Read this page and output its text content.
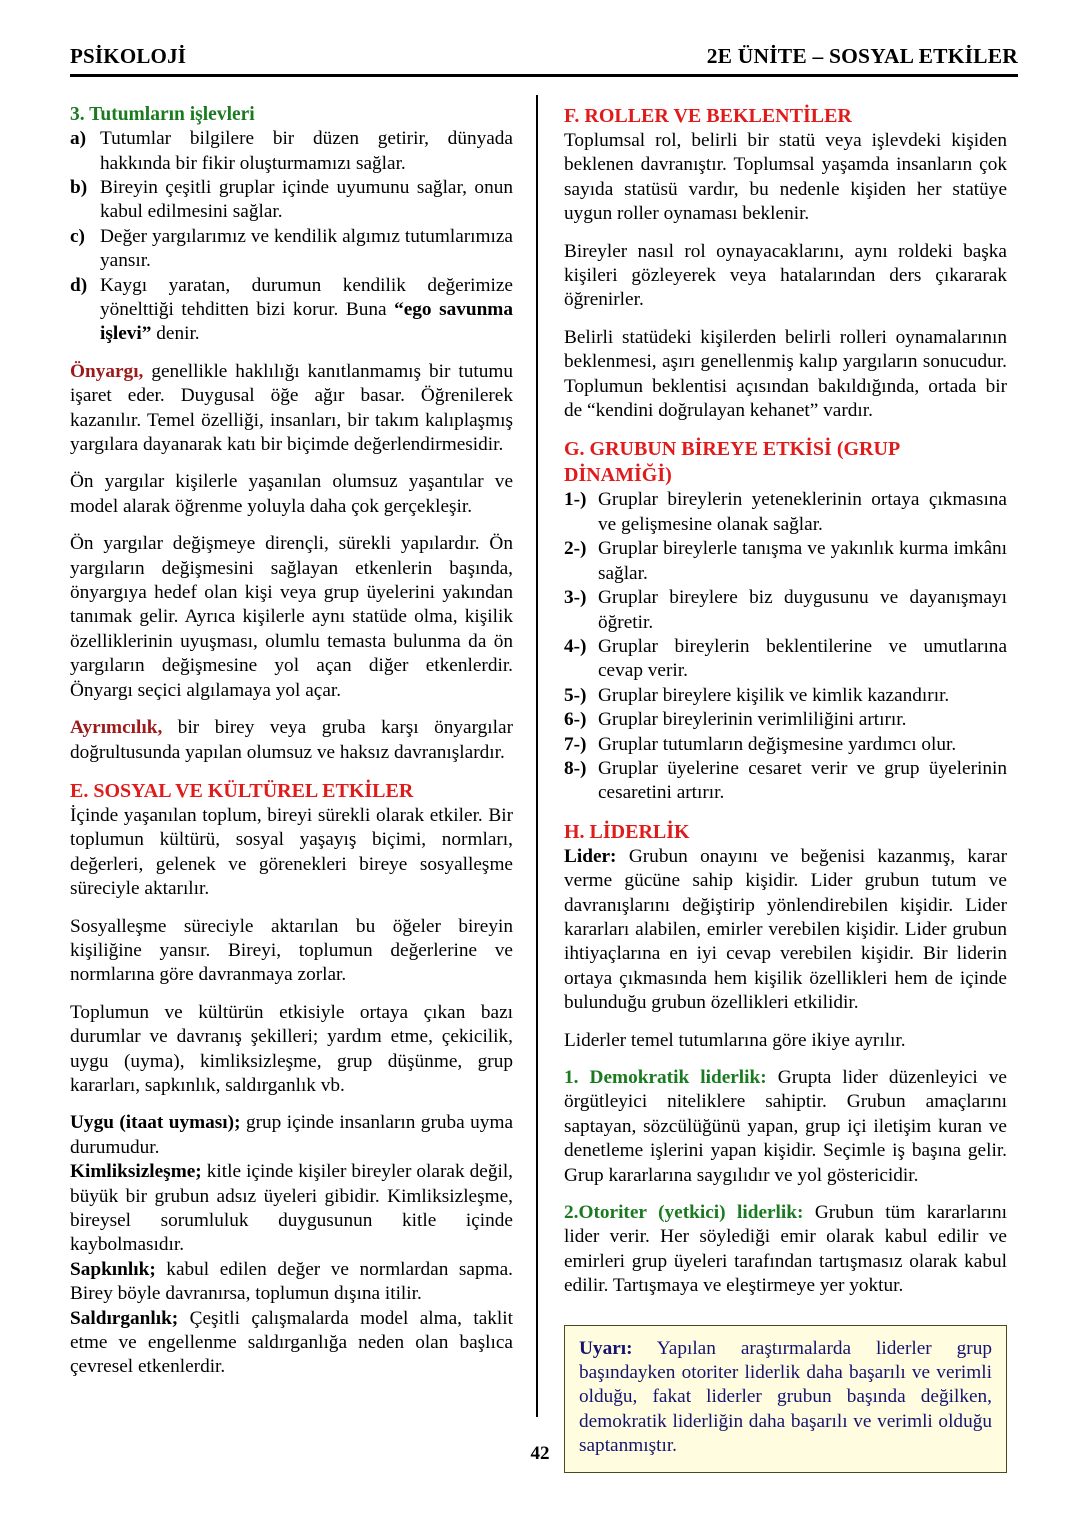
PSİKOLOJİ	2E ÜNİTE – SOSYAL ETKİLER
3. Tutumların işlevleri
a) Tutumlar bilgilere bir düzen getirir, dünyada hakkında bir fikir oluşturmamızı sağlar.
b) Bireyin çeşitli gruplar içinde uyumunu sağlar, onun kabul edilmesini sağlar.
c) Değer yargılarımız ve kendilik algımız tutumlarımıza yansır.
d) Kaygı yaratan, durumun kendilik değerimize yönelttiği tehditten bizi korur. Buna “ego savunma işlevi” denir.

Önyargı, genellikle haklılığı kanıtlanmamış bir tutumu işaret eder. Duygusal öğe ağır basar. Öğrenilerek kazanılır. Temel özelliği, insanları, bir takım kalıplaşmış yargılara dayanarak katı bir biçimde değerlendirmesidir.

Ön yargılar kişilerle yaşanılan olumsuz yaşantılar ve model alarak öğrenme yoluyla daha çok gerçekleşir.

Ön yargılar değişmeye dirençli, sürekli yapılardır. Ön yargıların değişmesini sağlayan etkenlerin başında, önyargıya hedef olan kişi veya grup üyelerini yakından tanımak gelir. Ayrıca kişilerle aynı statüde olma, kişilik özelliklerinin uyuşması, olumlu temasta bulunma da ön yargıların değişmesine yol açan diğer etkenlerdir. Önyargı seçici algılamaya yol açar.

Ayrımcılık, bir birey veya gruba karşı önyargılar doğrultusunda yapılan olumsuz ve haksız davranışlardır.

E. SOSYAL VE KÜLTÜREL ETKİLER

İçinde yaşanılan toplum, bireyi sürekli olarak etkiler. Bir toplumun kültürü, sosyal yaşayış biçimi, normları, değerleri, gelenek ve görenekleri bireye sosyalleşme süreciyle aktarılır.

Sosyalleşme süreciyle aktarılan bu öğeler bireyin kişiliğine yansır. Bireyi, toplumun değerlerine ve normlarına göre davranmaya zorlar.

Toplumun ve kültürün etkisiyle ortaya çıkan bazı durumlar ve davranış şekilleri; yardım etme, çekicilik, uygu (uyma), kimliksizleşme, grup düşünme, grup kararları, sapkınlık, saldırganlık vb.

Uygu (itaat uyması); grup içinde insanların gruba uyma durumudur.

Kimliksizleşme; kitle içinde kişiler bireyler olarak değil, büyük bir grubun adsız üyeleri gibidir. Kimliksizleşme, bireysel sorumluluk duygusunun kitle içinde kaybolmasıdır.

Sapkınlık; kabul edilen değer ve normlardan sapma. Birey böyle davranırsa, toplumun dışına itilir.

Saldırganlık; Çeşitli çalışmalarda model alma, taklit etme ve engellenme saldırganlığa neden olan başlıca çevresel etkenlerdir.

F. ROLLER VE BEKLENTİLER

Toplumsal rol, belirli bir statü veya işlevdeki kişiden beklenen davranıştır. Toplumsal yaşamda insanların çok sayıda statüsü vardır, bu nedenle kişiden her statüye uygun roller oynaması beklenir.

Bireyler nasıl rol oynayacaklarını, aynı roldeki başka kişileri gözleyerek veya hatalarından ders çıkararak öğrenirler.

Belirli statüdeki kişilerden belirli rolleri oynamalarının beklenmesi, aşırı genellenmiş kalıp yargıların sonucudur. Toplumun beklentisi açısından bakıldığında, ortada bir de “kendini doğrulayan kehanet” vardır.

G. GRUBUN BİREYE ETKİSİ (GRUP DİNAMİĞİ)
1-) Gruplar bireylerin yeteneklerinin ortaya çıkmasına ve gelişmesine olanak sağlar.
2-) Gruplar bireylerle tanışma ve yakınlık kurma imkânı sağlar.
3-) Gruplar bireylere biz duygusunu ve dayanışmayı öğretir.
4-) Gruplar bireylerin beklentilerine ve umutlarına cevap verir.
5-) Gruplar bireylere kişilik ve kimlik kazandırır.
6-) Gruplar bireylerinin verimliliğini artırır.
7-) Gruplar tutumların değişmesine yardımcı olur.
8-) Gruplar üyelerine cesaret verir ve grup üyelerinin cesaretini artırır.
H. LİDERLİK

Lider: Grubun onayını ve beğenisi kazanmış, karar verme gücüne sahip kişidir. Lider grubun tutum ve davranışlarını değiştirip yönlendirebilen kişidir. Lider kararları alabilen, emirler verebilen kişidir. Lider grubun ihtiyaçlarına en iyi cevap verebilen kişidir. Bir liderin ortaya çıkmasında hem kişilik özellikleri hem de içinde bulunduğu grubun özellikleri etkilidir.

Liderler temel tutumlarına göre ikiye ayrılır.

1. Demokratik liderlik: Grupta lider düzenleyici ve örgütleyici niteliklere sahiptir. Grubun amaçlarını saptayan, sözcülüğünü yapan, grup içi iletişim kuran ve denetleme işlerini yapan kişidir. Seçimle iş başına gelir. Grup kararlarına saygılıdır ve yol göstericidir.

2.Otoriter (yetkici) liderlik: Grubun tüm kararlarını lider verir. Her söylediği emir olarak kabul edilir ve emirleri grup üyeleri tarafından tartışmasız olarak kabul edilir. Tartışmaya ve eleştirmeye yer yoktur.

Uyarı: Yapılan araştırmalarda liderler grup başındayken otoriter liderlik daha başarılı ve verimli olduğu, fakat liderler grubun başında değilken, demokratik liderliğin daha başarılı ve verimli olduğu saptanmıştır.

42
